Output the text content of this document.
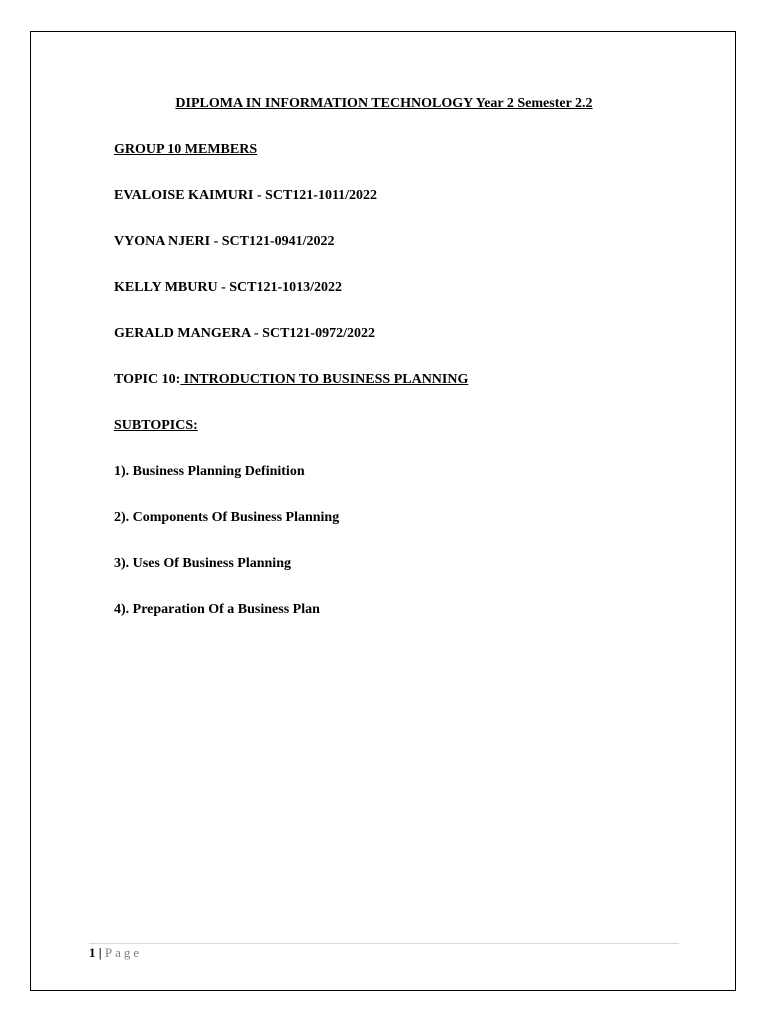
DIPLOMA IN INFORMATION TECHNOLOGY Year 2 Semester 2.2
GROUP 10 MEMBERS
EVALOISE KAIMURI - SCT121-1011/2022
VYONA NJERI - SCT121-0941/2022
KELLY MBURU - SCT121-1013/2022
GERALD MANGERA - SCT121-0972/2022
TOPIC 10: INTRODUCTION TO BUSINESS PLANNING
SUBTOPICS:
1). Business Planning Definition
2). Components Of Business Planning
3). Uses Of Business Planning
4). Preparation Of a Business Plan
1 | Page
